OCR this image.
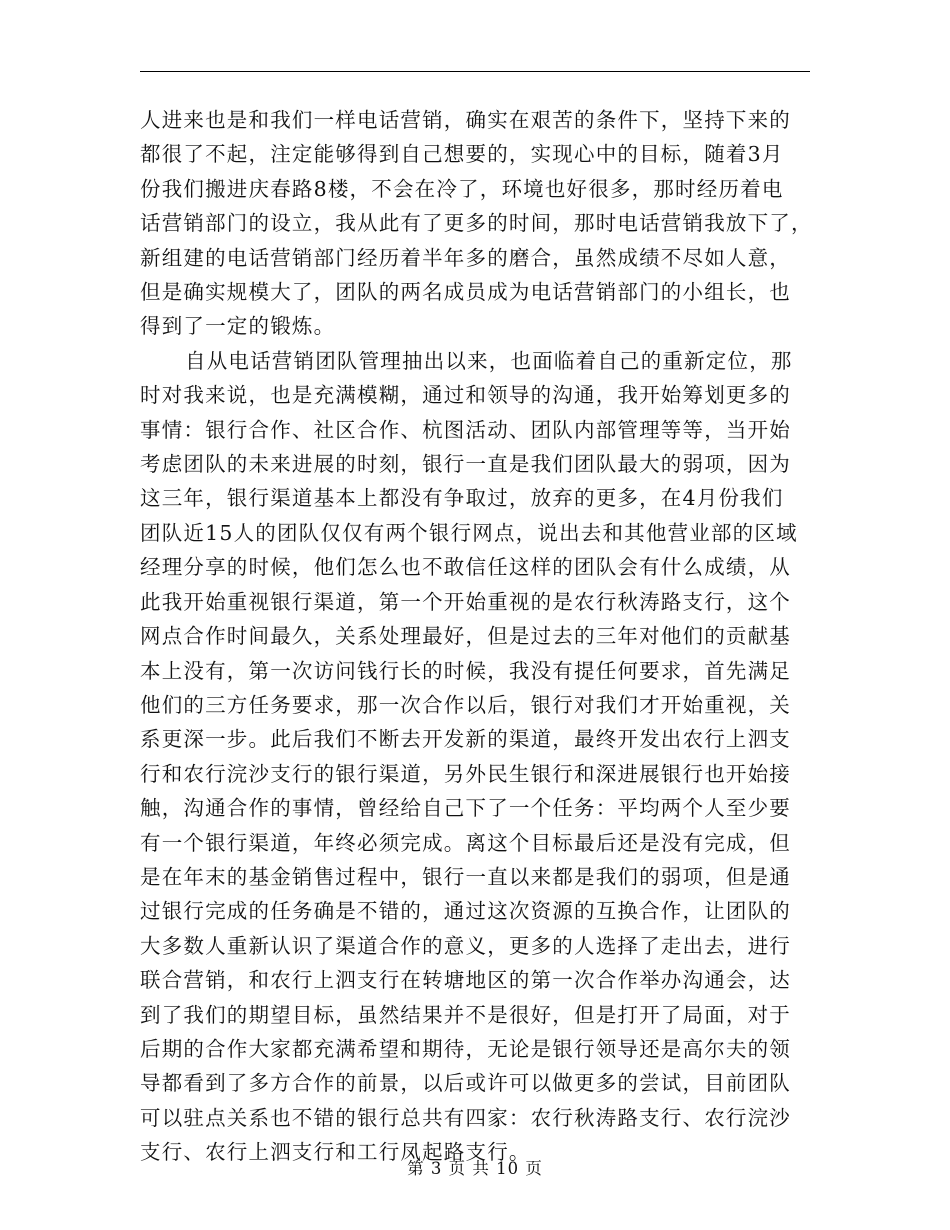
人进来也是和我们一样电话营销，确实在艰苦的条件下，坚持下来的
都很了不起，注定能够得到自己想要的，实现心中的目标，随着3月
份我们搬进庆春路8楼，不会在冷了，环境也好很多，那时经历着电
话营销部门的设立，我从此有了更多的时间，那时电话营销我放下了，
新组建的电话营销部门经历着半年多的磨合，虽然成绩不尽如人意，
但是确实规模大了，团队的两名成员成为电话营销部门的小组长，也
得到了一定的锻炼。

自从电话营销团队管理抽出以来，也面临着自己的重新定位，那
时对我来说，也是充满模糊，通过和领导的沟通，我开始筹划更多的
事情：银行合作、社区合作、杭图活动、团队内部管理等等，当开始
考虑团队的未来进展的时刻，银行一直是我们团队最大的弱项，因为
这三年，银行渠道基本上都没有争取过，放弃的更多，在4月份我们
团队近15人的团队仅仅有两个银行网点，说出去和其他营业部的区域
经理分享的时候，他们怎么也不敢信任这样的团队会有什么成绩，从
此我开始重视银行渠道，第一个开始重视的是农行秋涛路支行，这个
网点合作时间最久，关系处理最好，但是过去的三年对他们的贡献基
本上没有，第一次访问钱行长的时候，我没有提任何要求，首先满足
他们的三方任务要求，那一次合作以后，银行对我们才开始重视，关
系更深一步。此后我们不断去开发新的渠道，最终开发出农行上泗支
行和农行浣沙支行的银行渠道，另外民生银行和深进展银行也开始接
触，沟通合作的事情，曾经给自己下了一个任务：平均两个人至少要
有一个银行渠道，年终必须完成。离这个目标最后还是没有完成，但
是在年末的基金销售过程中，银行一直以来都是我们的弱项，但是通
过银行完成的任务确是不错的，通过这次资源的互换合作，让团队的
大多数人重新认识了渠道合作的意义，更多的人选择了走出去，进行
联合营销，和农行上泗支行在转塘地区的第一次合作举办沟通会，达
到了我们的期望目标，虽然结果并不是很好，但是打开了局面，对于
后期的合作大家都充满希望和期待，无论是银行领导还是高尔夫的领
导都看到了多方合作的前景，以后或许可以做更多的尝试，目前团队
可以驻点关系也不错的银行总共有四家：农行秋涛路支行、农行浣沙
支行、农行上泗支行和工行凤起路支行。

第 3 页 共 10 页
